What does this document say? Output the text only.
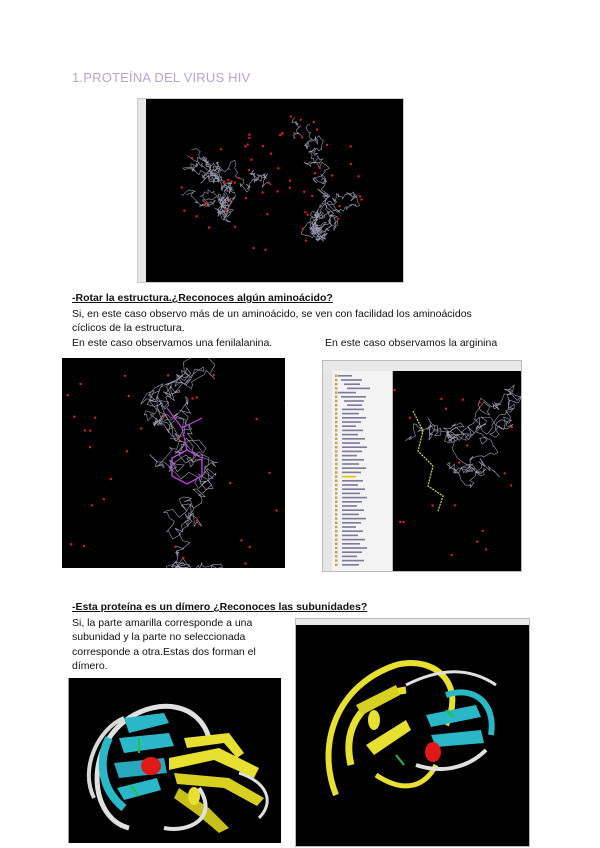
1.PROTEÍNA DEL VIRUS HIV
-Rotar la estructura.¿Reconoces algún aminoácido?
Si, en este caso observo más de un aminoácido, se ven con facilidad los aminoácidos
cíclicos de la estructura.
En este caso observamos una fenilalanina.	En este caso observamos la arginina
-Esta proteína es un dímero ¿Reconoces las subunidades?
Si, la parte amarilla corresponde a una
subunidad y la parte no seleccionada
corresponde a otra.Estas dos forman el
dímero.
